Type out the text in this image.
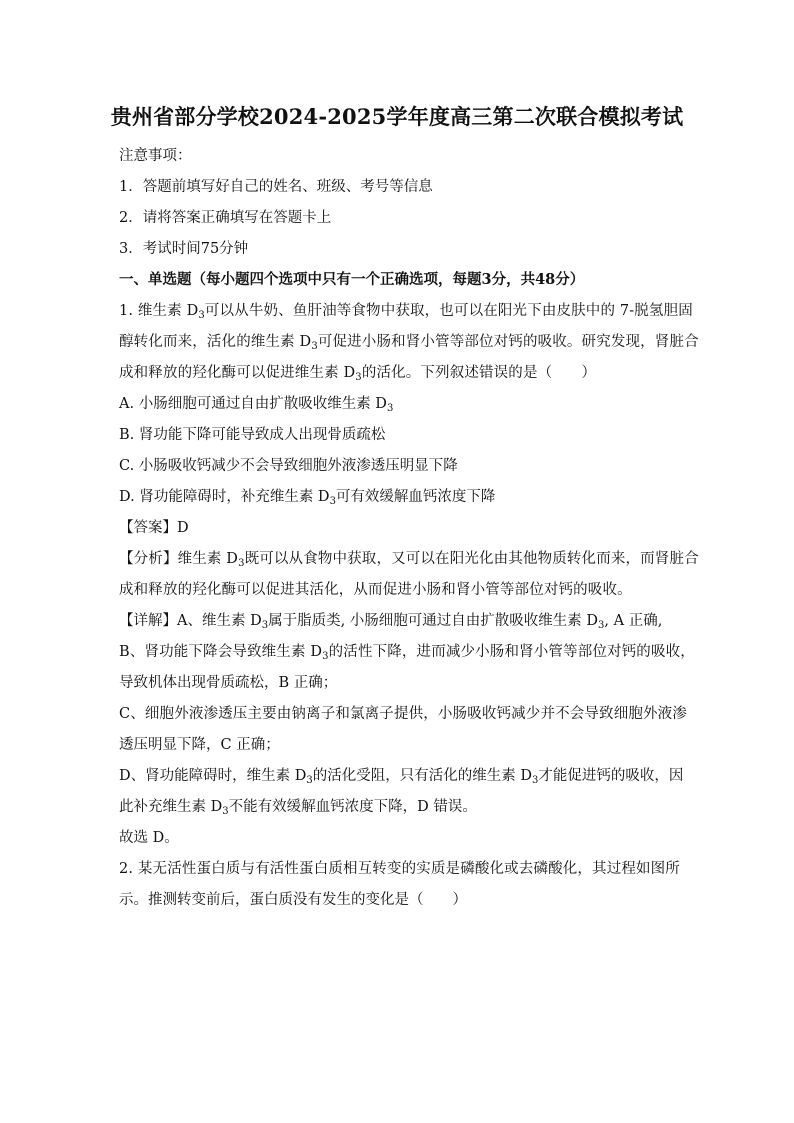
贵州省部分学校2024-2025学年度高三第二次联合模拟考试
注意事项：
1．答题前填写好自己的姓名、班级、考号等信息
2．请将答案正确填写在答题卡上
3．考试时间75分钟
一、单选题（每小题四个选项中只有一个正确选项，每题3分，共48分）
1. 维生素 $D_3$可以从牛奶、鱼肝油等食物中获取，也可以在阳光下由皮肤中的 7-脱氢胆固
醇转化而来，活化的维生素 $D_3$可促进小肠和肾小管等部位对钙的吸收。研究发现，肾脏合
成和释放的羟化酶可以促进维生素 $D_3$的活化。下列叙述错误的是（　　）
A. 小肠细胞可通过自由扩散吸收维生素 $D_3$
B. 肾功能下降可能导致成人出现骨质疏松
C. 小肠吸收钙减少不会导致细胞外液渗透压明显下降
D. 肾功能障碍时，补充维生素 $D_3$可有效缓解血钙浓度下降
【答案】D
【分析】维生素 $D_3$既可以从食物中获取，又可以在阳光化由其他物质转化而来，而肾脏合
成和释放的羟化酶可以促进其活化，从而促进小肠和肾小管等部位对钙的吸收。
【详解】A、维生素 $D_3$属于脂质类, 小肠细胞可通过自由扩散吸收维生素 $D_3$, A 正确,
B、肾功能下降会导致维生素 $D_3$的活性下降，进而减少小肠和肾小管等部位对钙的吸收，
导致机体出现骨质疏松，B 正确；
C、细胞外液渗透压主要由钠离子和氯离子提供，小肠吸收钙减少并不会导致细胞外液渗
透压明显下降，C 正确；
D、肾功能障碍时，维生素 $D_3$的活化受阻，只有活化的维生素 $D_3$才能促进钙的吸收，因
此补充维生素 $D_3$不能有效缓解血钙浓度下降，D 错误。
故选 D。
2. 某无活性蛋白质与有活性蛋白质相互转变的实质是磷酸化或去磷酸化，其过程如图所
示。推测转变前后，蛋白质没有发生的变化是（　　）
